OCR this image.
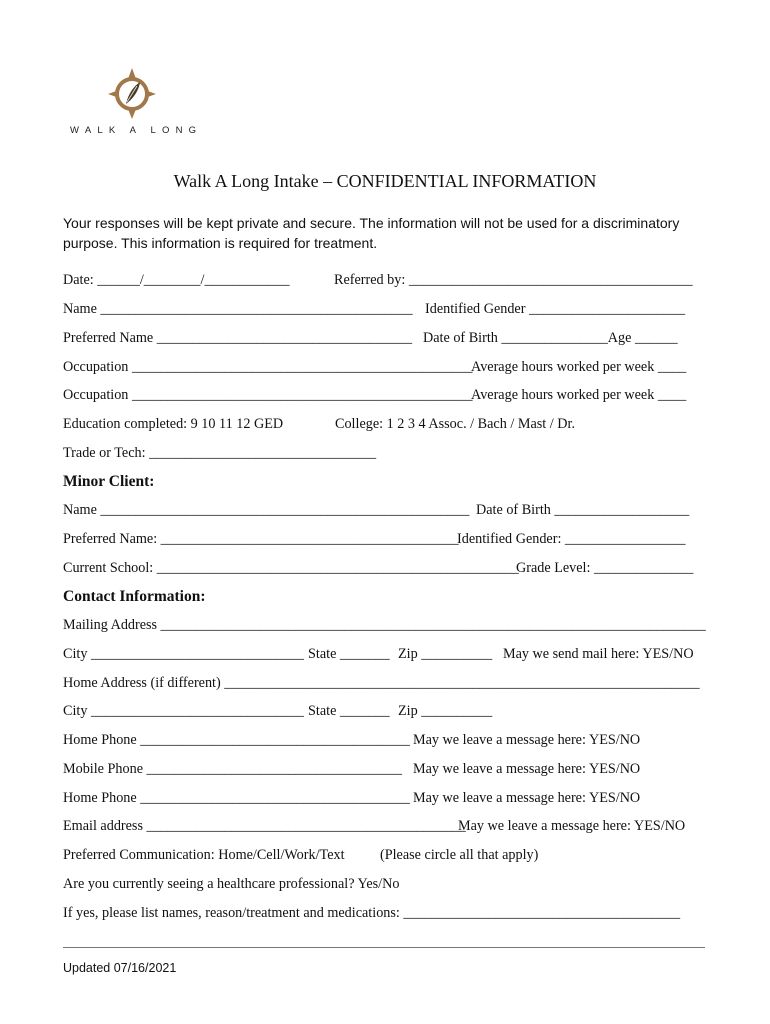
WALK A LONG
Walk A Long Intake – CONFIDENTIAL INFORMATION
Your responses will be kept private and secure. The information will not be used for a discriminatory
purpose. This information is required for treatment.
Date: ______/________/____________	Referred by: ________________________________________
Name ____________________________________________ Identified Gender ______________________
Preferred Name ____________________________________ Date of Birth _______________Age ______
Occupation ________________________________________________
Average hours worked per week ____
Occupation ________________________________________________
Average hours worked per week ____
Education completed: 9 10 11 12 GED	College: 1 2 3 4 Assoc. / Bach / Mast / Dr.
Trade or Tech: ________________________________
Minor Client:
Name ____________________________________________________ Date of Birth ___________________
Preferred Name: __________________________________________
Identified Gender: _________________
Current School: ___________________________________________________
Grade Level: ______________
Contact Information:
Mailing Address _____________________________________________________________________________
City ______________________________ State _______ Zip __________ May we send mail here: YES/NO
Home Address (if different) ___________________________________________________________________
City ______________________________ State _______ Zip __________
Home Phone ______________________________________ May we leave a message here: YES/NO
Mobile Phone ____________________________________ May we leave a message here: YES/NO
Home Phone ______________________________________ May we leave a message here: YES/NO
Email address _____________________________________________
May we leave a message here: YES/NO
Preferred Communication: Home/Cell/Work/Text (Please circle all that apply)
Are you currently seeing a healthcare professional? Yes/No
If yes, please list names, reason/treatment and medications: _______________________________________
Updated 07/16/2021
